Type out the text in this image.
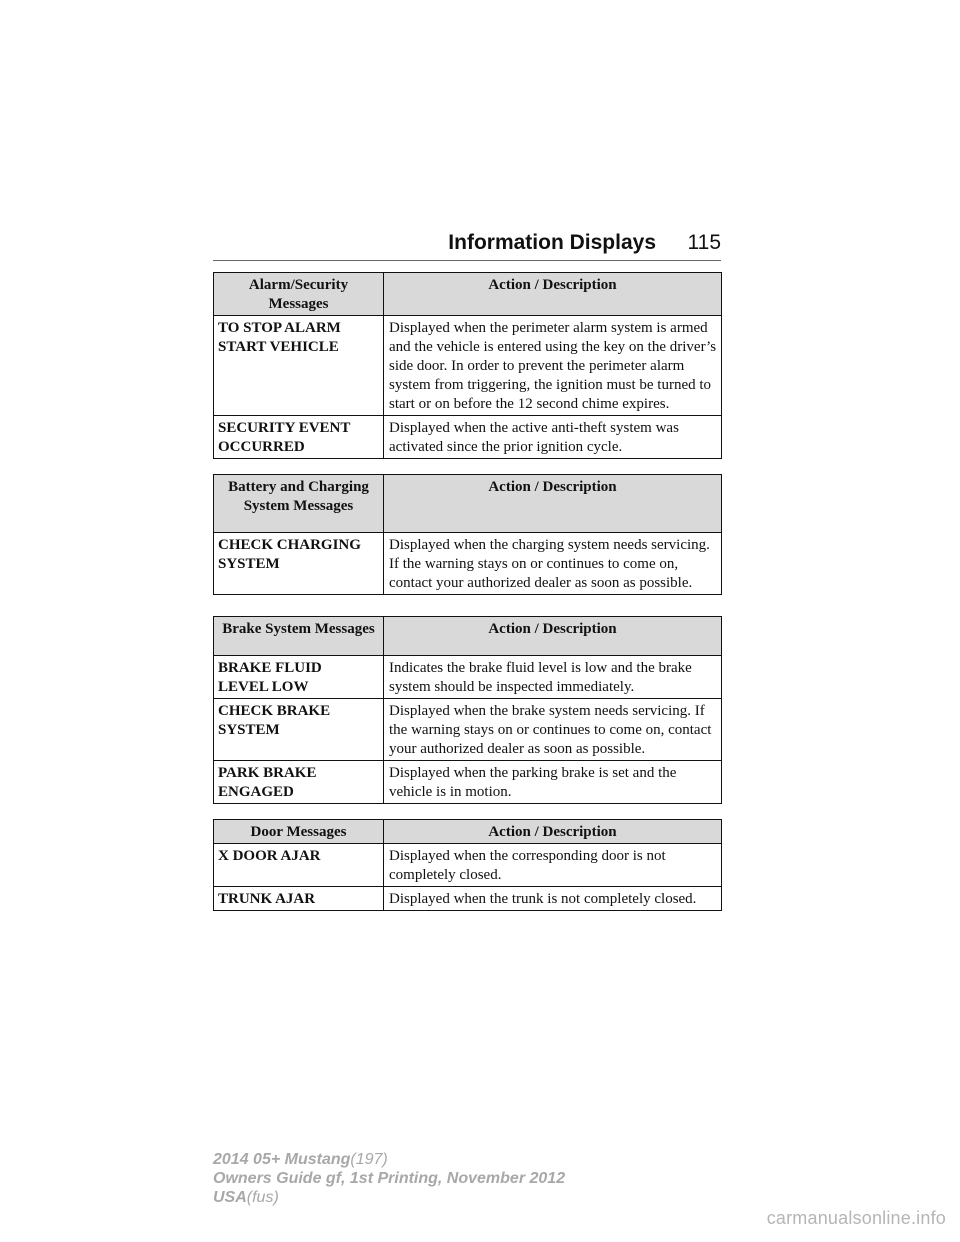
Information Displays 115
Alarm/Security Messages	Action / Description
TO STOP ALARM
START VEHICLE	Displayed when the perimeter alarm system is armed and the vehicle is entered using the key on the driver’s side door. In order to prevent the perimeter alarm system from triggering, the ignition must be turned to start or on before the 12 second chime expires.
SECURITY EVENT
OCCURRED	Displayed when the active anti-theft system was activated since the prior ignition cycle.
Battery and Charging System Messages	Action / Description
CHECK CHARGING
SYSTEM	Displayed when the charging system needs servicing. If the warning stays on or continues to come on, contact your authorized dealer as soon as possible.
Brake System Messages	Action / Description
BRAKE FLUID
LEVEL LOW	Indicates the brake fluid level is low and the brake system should be inspected immediately.
CHECK BRAKE
SYSTEM	Displayed when the brake system needs servicing. If the warning stays on or continues to come on, contact your authorized dealer as soon as possible.
PARK BRAKE
ENGAGED	Displayed when the parking brake is set and the vehicle is in motion.
Door Messages	Action / Description
X DOOR AJAR	Displayed when the corresponding door is not completely closed.
TRUNK AJAR	Displayed when the trunk is not completely closed.
2014 05+ Mustang(197)
Owners Guide gf, 1st Printing, November 2012
USA(fus)
carmanualsonline.info
